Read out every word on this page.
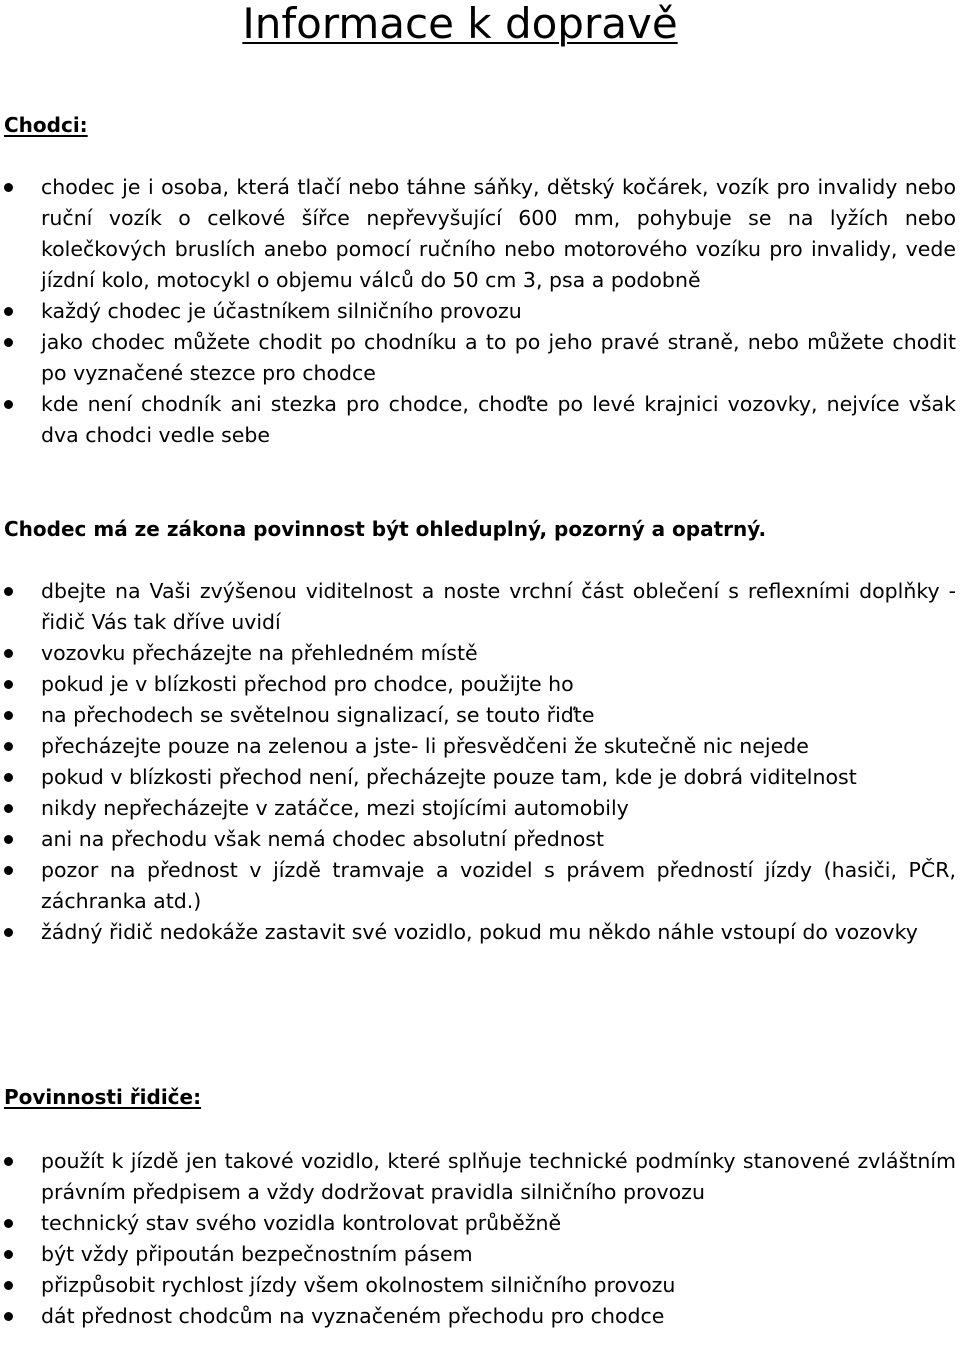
Informace k dopravě
Chodci:
chodec je i osoba, která tlačí nebo táhne sáňky, dětský kočárek, vozík pro invalidy nebo ruční vozík o celkové šířce nepřevyšující 600 mm, pohybuje se na lyžích nebo kolečkových bruslích anebo pomocí ručního nebo motorového vozíku pro invalidy, vede jízdní kolo, motocykl o objemu válců do 50 cm 3, psa a podobně
každý chodec je účastníkem silničního provozu
jako chodec můžete chodit po chodníku a to po jeho pravé straně, nebo můžete chodit po vyznačené stezce pro chodce
kde není chodník ani stezka pro chodce, choďte po levé krajnici vozovky, nejvíce však dva chodci vedle sebe

Chodec má ze zákona povinnost být ohleduplný, pozorný a opatrný.

dbejte na Vaši zvýšenou viditelnost a noste vrchní část oblečení s reflexními doplňky - řidič Vás tak dříve uvidí
vozovku přecházejte na přehledném místě
pokud je v blízkosti přechod pro chodce, použijte ho
na přechodech se světelnou signalizací, se touto řiďte
přecházejte pouze na zelenou a jste- li přesvědčeni že skutečně nic nejede
pokud v blízkosti přechod není, přecházejte pouze tam, kde je dobrá viditelnost
nikdy nepřecházejte v zatáčce, mezi stojícími automobily
ani na přechodu však nemá chodec absolutní přednost
pozor na přednost v jízdě tramvaje a vozidel s právem předností jízdy (hasiči, PČR, záchranka atd.)
žádný řidič nedokáže zastavit své vozidlo, pokud mu někdo náhle vstoupí do vozovky
Povinnosti řidiče:
použít k jízdě jen takové vozidlo, které splňuje technické podmínky stanovené zvláštním právním předpisem a vždy dodržovat pravidla silničního provozu
technický stav svého vozidla kontrolovat průběžně
být vždy připoután bezpečnostním pásem
přizpůsobit rychlost jízdy všem okolnostem silničního provozu
dát přednost chodcům na vyznačeném přechodu pro chodce
